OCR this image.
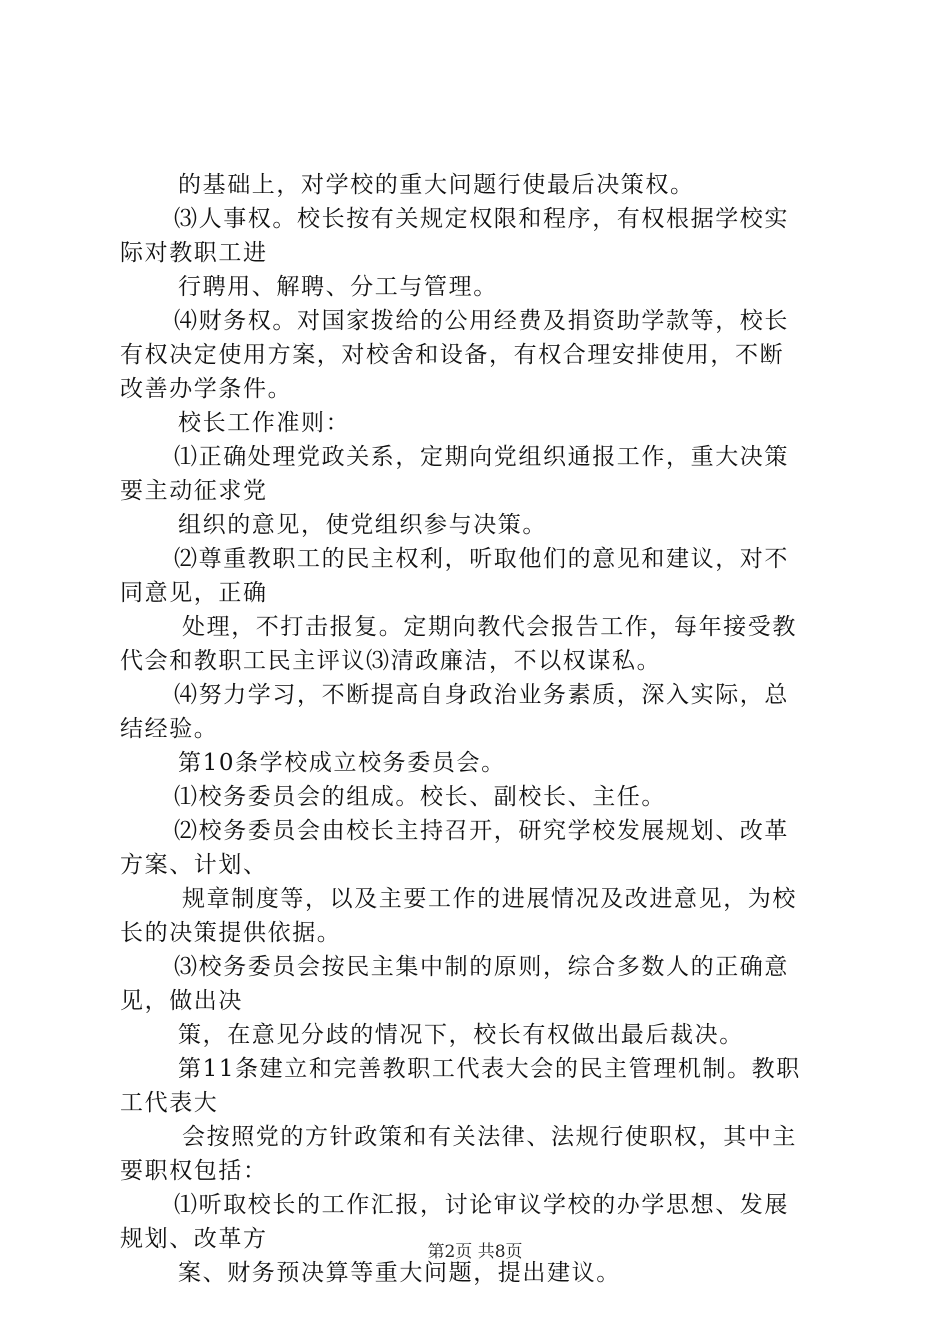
的基础上，对学校的重大问题行使最后决策权。
⑶人事权。校长按有关规定权限和程序，有权根据学校实
际对教职工进
行聘用、解聘、分工与管理。
⑷财务权。对国家拨给的公用经费及捐资助学款等，校长
有权决定使用方案，对校舍和设备，有权合理安排使用，不断
改善办学条件。
校长工作准则：
⑴正确处理党政关系，定期向党组织通报工作，重大决策
要主动征求党
组织的意见，使党组织参与决策。
⑵尊重教职工的民主权利，听取他们的意见和建议，对不
同意见，正确
处理，不打击报复。定期向教代会报告工作，每年接受教
代会和教职工民主评议⑶清政廉洁，不以权谋私。
⑷努力学习，不断提高自身政治业务素质，深入实际，总
结经验。
第10条学校成立校务委员会。
⑴校务委员会的组成。校长、副校长、主任。
⑵校务委员会由校长主持召开，研究学校发展规划、改革
方案、计划、
规章制度等，以及主要工作的进展情况及改进意见，为校
长的决策提供依据。
⑶校务委员会按民主集中制的原则，综合多数人的正确意
见，做出决
策，在意见分歧的情况下，校长有权做出最后裁决。
第11条建立和完善教职工代表大会的民主管理机制。教职
工代表大
会按照党的方针政策和有关法律、法规行使职权，其中主
要职权包括：
⑴听取校长的工作汇报，讨论审议学校的办学思想、发展
规划、改革方
案、财务预决算等重大问题，提出建议。
第2页 共8页
